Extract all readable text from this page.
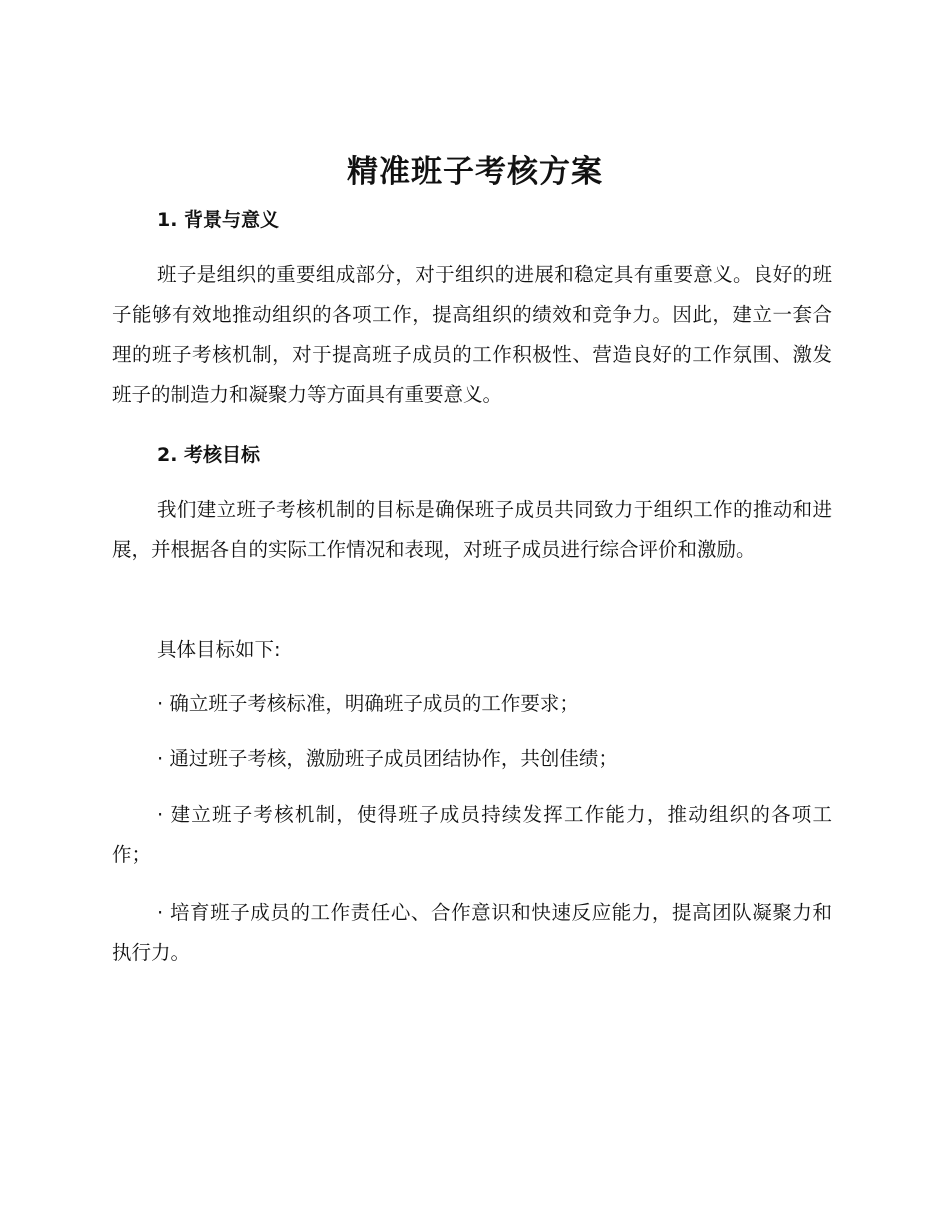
精准班子考核方案
1. 背景与意义
班子是组织的重要组成部分，对于组织的进展和稳定具有重要意义。良好的班子能够有效地推动组织的各项工作，提高组织的绩效和竞争力。因此，建立一套合理的班子考核机制，对于提高班子成员的工作积极性、营造良好的工作氛围、激发班子的制造力和凝聚力等方面具有重要意义。
2. 考核目标
我们建立班子考核机制的目标是确保班子成员共同致力于组织工作的推动和进展，并根据各自的实际工作情况和表现，对班子成员进行综合评价和激励。
具体目标如下:
· 确立班子考核标准，明确班子成员的工作要求；
· 通过班子考核，激励班子成员团结协作，共创佳绩；
· 建立班子考核机制，使得班子成员持续发挥工作能力，推动组织的各项工作；
· 培育班子成员的工作责任心、合作意识和快速反应能力，提高团队凝聚力和执行力。
